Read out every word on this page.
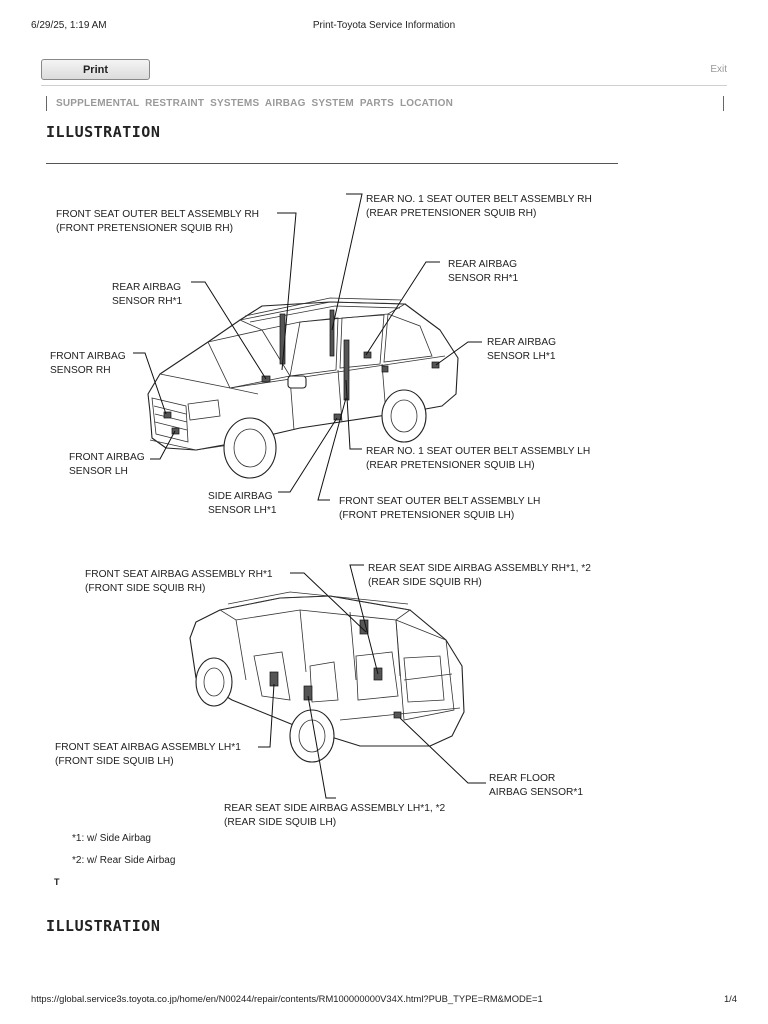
6/29/25, 1:19 AM	Print-Toyota Service Information
Print	Exit
SUPPLEMENTAL RESTRAINT SYSTEMS AIRBAG SYSTEM PARTS LOCATION
ILLUSTRATION
FRONT SEAT OUTER BELT ASSEMBLY RH
(FRONT PRETENSIONER SQUIB RH)
REAR NO. 1 SEAT OUTER BELT ASSEMBLY RH
(REAR PRETENSIONER SQUIB RH)
REAR AIRBAG
SENSOR RH*1
REAR AIRBAG
SENSOR RH*1
FRONT AIRBAG
SENSOR RH
REAR AIRBAG
SENSOR LH*1
FRONT AIRBAG
SENSOR LH
REAR NO. 1 SEAT OUTER BELT ASSEMBLY LH
(REAR PRETENSIONER SQUIB LH)
SIDE AIRBAG
SENSOR LH*1
FRONT SEAT OUTER BELT ASSEMBLY LH
(FRONT PRETENSIONER SQUIB LH)
FRONT SEAT AIRBAG ASSEMBLY RH*1
(FRONT SIDE SQUIB RH)
REAR SEAT SIDE AIRBAG ASSEMBLY RH*1, *2
(REAR SIDE SQUIB RH)
FRONT SEAT AIRBAG ASSEMBLY LH*1
(FRONT SIDE SQUIB LH)
REAR FLOOR
AIRBAG SENSOR*1
REAR SEAT SIDE AIRBAG ASSEMBLY LH*1, *2
(REAR SIDE SQUIB LH)
*1: w/ Side Airbag
*2: w/ Rear Side Airbag
T
ILLUSTRATION
https://global.service3s.toyota.co.jp/home/en/N00244/repair/contents/RM100000000V34X.html?PUB_TYPE=RM&MODE=1	1/4
